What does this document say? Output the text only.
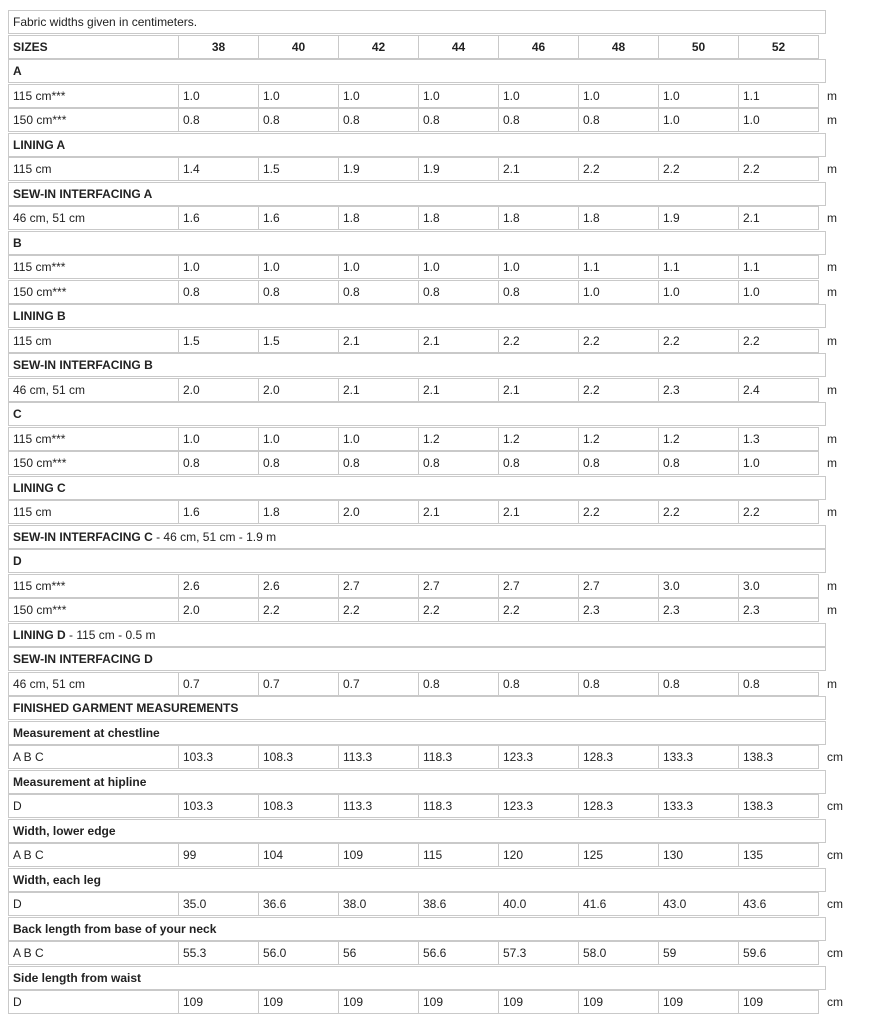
Fabric widths given in centimeters.
SIZES	38	40	42	44	46	48	50	52
A
115 cm***	1.0	1.0	1.0	1.0	1.0	1.0	1.0	1.1	m
150 cm***	0.8	0.8	0.8	0.8	0.8	0.8	1.0	1.0	m
LINING A
115 cm	1.4	1.5	1.9	1.9	2.1	2.2	2.2	2.2	m
SEW-IN INTERFACING A
46 cm, 51 cm	1.6	1.6	1.8	1.8	1.8	1.8	1.9	2.1	m
B
115 cm***	1.0	1.0	1.0	1.0	1.0	1.1	1.1	1.1	m
150 cm***	0.8	0.8	0.8	0.8	0.8	1.0	1.0	1.0	m
LINING B
115 cm	1.5	1.5	2.1	2.1	2.2	2.2	2.2	2.2	m
SEW-IN INTERFACING B
46 cm, 51 cm	2.0	2.0	2.1	2.1	2.1	2.2	2.3	2.4	m
C
115 cm***	1.0	1.0	1.0	1.2	1.2	1.2	1.2	1.3	m
150 cm***	0.8	0.8	0.8	0.8	0.8	0.8	0.8	1.0	m
LINING C
115 cm	1.6	1.8	2.0	2.1	2.1	2.2	2.2	2.2	m
SEW-IN INTERFACING C - 46 cm, 51 cm - 1.9 m
D
115 cm***	2.6	2.6	2.7	2.7	2.7	2.7	3.0	3.0	m
150 cm***	2.0	2.2	2.2	2.2	2.2	2.3	2.3	2.3	m
LINING D - 115 cm - 0.5 m
SEW-IN INTERFACING D
46 cm, 51 cm	0.7	0.7	0.7	0.8	0.8	0.8	0.8	0.8	m
FINISHED GARMENT MEASUREMENTS
Measurement at chestline
A B C	103.3	108.3	113.3	118.3	123.3	128.3	133.3	138.3	cm
Measurement at hipline
D	103.3	108.3	113.3	118.3	123.3	128.3	133.3	138.3	cm
Width, lower edge
A B C	99	104	109	115	120	125	130	135	cm
Width, each leg
D	35.0	36.6	38.0	38.6	40.0	41.6	43.0	43.6	cm
Back length from base of your neck
A B C	55.3	56.0	56	56.6	57.3	58.0	59	59.6	cm
Side length from waist
D	109	109	109	109	109	109	109	109	cm
